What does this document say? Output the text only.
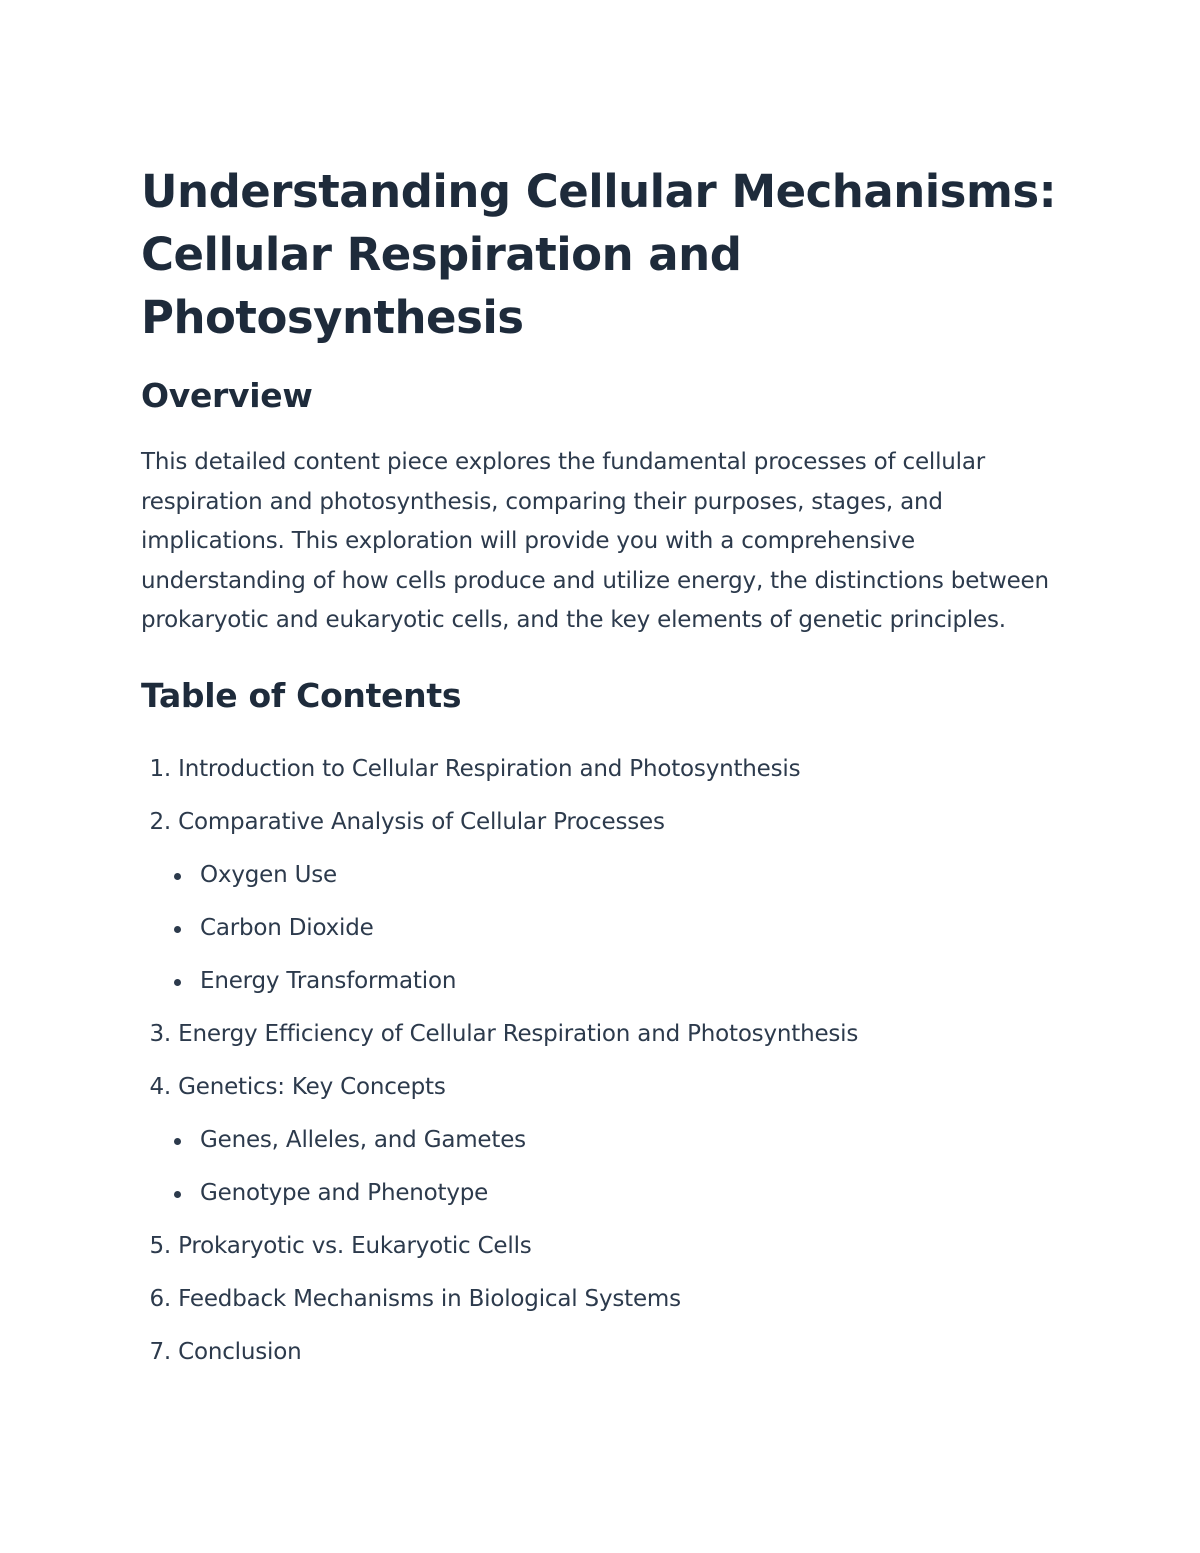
Understanding Cellular Mechanisms:
Cellular Respiration and Photosynthesis
Overview

This detailed content piece explores the fundamental processes of cellular respiration and photosynthesis, comparing their purposes, stages, and implications. This exploration will provide you with a comprehensive understanding of how cells produce and utilize energy, the distinctions between prokaryotic and eukaryotic cells, and the key elements of genetic principles.

Table of Contents
1. Introduction to Cellular Respiration and Photosynthesis
2. Comparative Analysis of Cellular Processes
Oxygen Use
Carbon Dioxide
Energy Transformation
3. Energy Efficiency of Cellular Respiration and Photosynthesis
4. Genetics: Key Concepts
Genes, Alleles, and Gametes
Genotype and Phenotype
5. Prokaryotic vs. Eukaryotic Cells
6. Feedback Mechanisms in Biological Systems
7. Conclusion
